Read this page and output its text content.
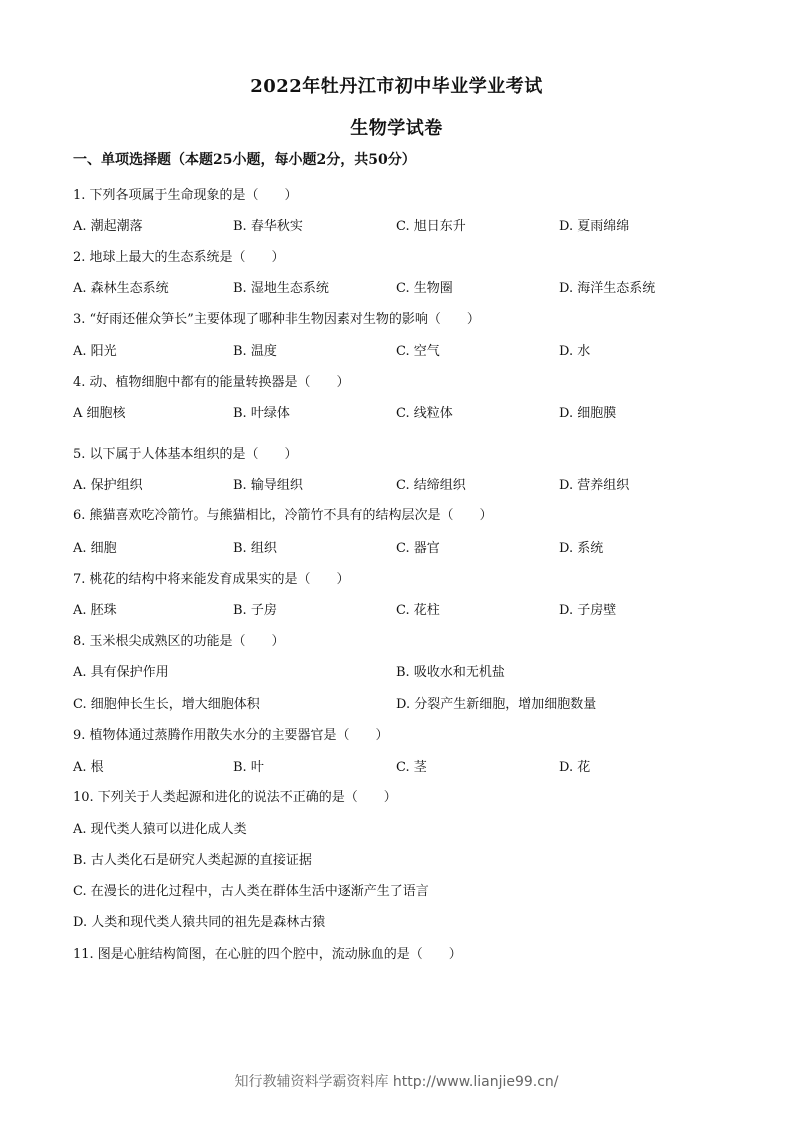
2022年牡丹江市初中毕业学业考试
生物学试卷
一、单项选择题（本题25小题，每小题2分，共50分）
1. 下列各项属于生命现象的是（　　）
A. 潮起潮落	B. 春华秋实	C. 旭日东升	D. 夏雨绵绵
2. 地球上最大的生态系统是（　　）
A. 森林生态系统	B. 湿地生态系统	C. 生物圈	D. 海洋生态系统
3. “好雨还催众笋长”主要体现了哪种非生物因素对生物的影响（　　）
A. 阳光	B. 温度	C. 空气	D. 水
4. 动、植物细胞中都有的能量转换器是（　　）
A 细胞核	B. 叶绿体	C. 线粒体	D. 细胞膜
5. 以下属于人体基本组织的是（　　）
A. 保护组织	B. 输导组织	C. 结缔组织	D. 营养组织
6. 熊猫喜欢吃冷箭竹。与熊猫相比，冷箭竹不具有的结构层次是（　　）
A. 细胞	B. 组织	C. 器官	D. 系统
7. 桃花的结构中将来能发育成果实的是（　　）
A. 胚珠	B. 子房	C. 花柱	D. 子房壁
8. 玉米根尖成熟区的功能是（　　）
A. 具有保护作用	B. 吸收水和无机盐
C. 细胞伸长生长，增大细胞体积	D. 分裂产生新细胞，增加细胞数量
9. 植物体通过蒸腾作用散失水分的主要器官是（　　）
A. 根	B. 叶	C. 茎	D. 花
10. 下列关于人类起源和进化的说法不正确的是（　　）
A. 现代类人猿可以进化成人类
B. 古人类化石是研究人类起源的直接证据
C. 在漫长的进化过程中，古人类在群体生活中逐渐产生了语言
D. 人类和现代类人猿共同的祖先是森林古猿
11. 图是心脏结构简图，在心脏的四个腔中，流动脉血的是（　　）
知行教辅资料学霸资料库 http://www.lianjie99.cn/
